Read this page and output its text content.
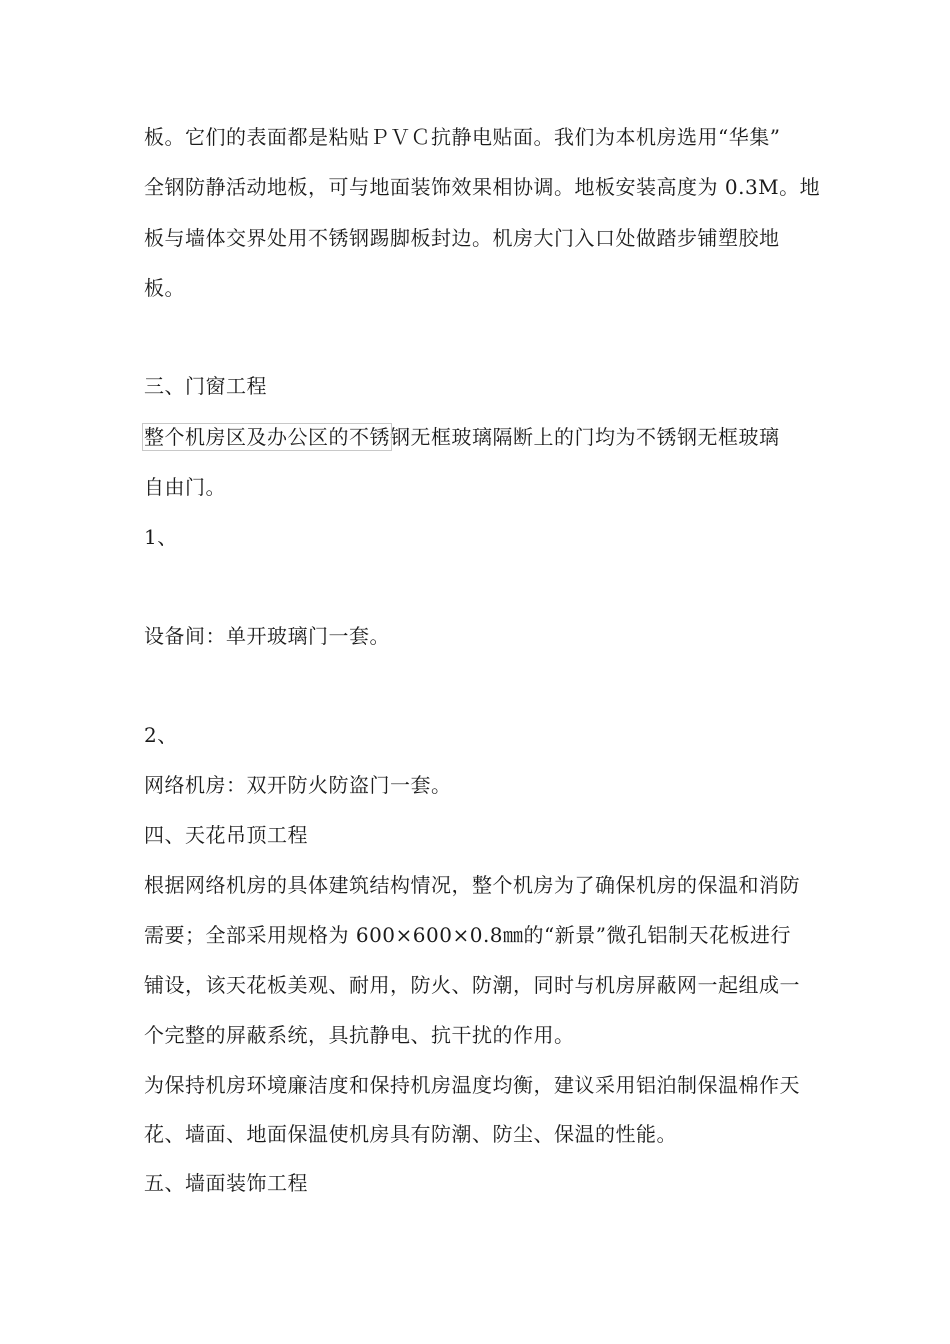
板。它们的表面都是粘贴ＰＶＣ抗静电贴面。我们为本机房选用“华集”
全钢防静活动地板，可与地面装饰效果相协调。地板安装高度为 0.3M。地
板与墙体交界处用不锈钢踢脚板封边。机房大门入口处做踏步铺塑胶地
板。
三、门窗工程
整个机房区及办公区的不锈钢无框玻璃隔断上的门均为不锈钢无框玻璃
自由门。
1、
设备间：单开玻璃门一套。
2、
网络机房：双开防火防盗门一套。
四、天花吊顶工程
根据网络机房的具体建筑结构情况，整个机房为了确保机房的保温和消防
需要；全部采用规格为 600×600×0.8㎜的“新景”微孔铝制天花板进行
铺设，该天花板美观、耐用，防火、防潮，同时与机房屏蔽网一起组成一
个完整的屏蔽系统，具抗静电、抗干扰的作用。
为保持机房环境廉洁度和保持机房温度均衡，建议采用铝泊制保温棉作天
花、墙面、地面保温使机房具有防潮、防尘、保温的性能。
五、墙面装饰工程
